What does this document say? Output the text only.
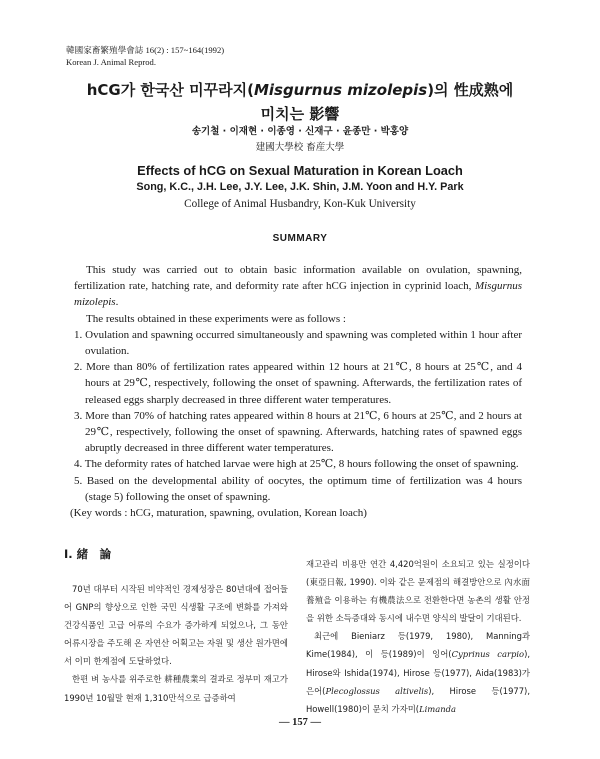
韓國家畜繁殖學會誌 16(2) : 157~164(1992)
Korean J. Animal Reprod.
hCG가 한국산 미꾸라지(Misgurnus mizolepis)의 性成熟에
미치는 影響
송기철 · 이재현 · 이종영 · 신재구 · 윤종만 · 박홍양
建國大學校 畜産大學
Effects of hCG on Sexual Maturation in Korean Loach
Song, K.C., J.H. Lee, J.Y. Lee, J.K. Shin, J.M. Yoon and H.Y. Park
College of Animal Husbandry, Kon-Kuk University
SUMMARY

This study was carried out to obtain basic information available on ovulation, spawning, fertilization rate, hatching rate, and deformity rate after hCG injection in cyprinid loach, Misgurnus mizolepis.

The results obtained in these experiments were as follows :

1. Ovulation and spawning occurred simultaneously and spawning was completed within 1 hour after ovulation.
2. More than 80% of fertilization rates appeared within 12 hours at 21℃, 8 hours at 25℃, and 4 hours at 29℃, respectively, following the onset of spawning. Afterwards, the fertilization rates of released eggs sharply decreased in three different water temperatures.
3. More than 70% of hatching rates appeared within 8 hours at 21℃, 6 hours at 25℃, and 2 hours at 29℃, respectively, following the onset of spawning. Afterwards, hatching rates of spawned eggs abruptly decreased in three different water temperatures.
4. The deformity rates of hatched larvae were high at 25℃, 8 hours following the onset of spawning.
5. Based on the developmental ability of oocytes, the optimum time of fertilization was 4 hours (stage 5) following the onset of spawning.

(Key words : hCG, maturation, spawning, ovulation, Korean loach)

Ⅰ. 緒　論

70년 대부터 시작된 비약적인 경제성장은 80년대에 접어들어 GNP의 향상으로 인한 국민 식생활 구조에 변화를 가져와 건강식품인 고급 어류의 수요가 증가하게 되었으나, 그 동안 어류시장을 주도해 온 자연산 어획고는 자원 및 생산 원가면에서 이미 한계점에 도달하였다.

한편 벼 농사를 위주로한 耕種農業의 결과로 정부미 재고가 1990년 10월말 현재 1,310만석으로 급증하여

재고관리 비용만 연간 4,420억원이 소요되고 있는 실정이다(東亞日報, 1990). 이와 같은 문제점의 해결방안으로 內水面養殖을 이용하는 有機農法으로 전환한다면 농촌의 생활 안정을 위한 소득증대와 동시에 내수면 양식의 발달이 기대된다.

최근에 Bieniarz 등(1979, 1980), Manning과 Kime(1984), 이 등(1989)이 잉어(Cyprinus carpio), Hirose와 Ishida(1974), Hirose 등(1977), Aida(1983)가 은어(Plecoglossus altivelis), Hirose 등(1977), Howell(1980)이 문치 가자미(Limanda

— 157 —
